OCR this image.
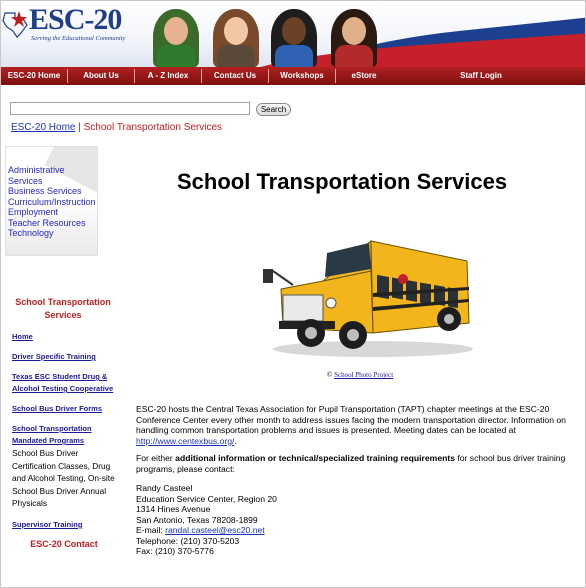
ESC-20
Serving the Educational Community
ESC-20 Home	About Us	A - Z Index	Contact Us	Workshops	eStore	Staff Login
Search
ESC-20 Home | School Transportation Services
Administrative Services
Business Services
Curriculum/Instruction
Employment
Teacher Resources
Technology
School Transportation Services
Home
Driver Specific Training
Texas ESC Student Drug & Alcohol Testing Cooperative
School Bus Driver Forms
School Transportation Mandated Programs
School Bus Driver Certification Classes, Drug and Alcohol Testing, On-site School Bus Driver Annual Physicals
Supervisor Training
ESC-20 Contact
School Transportation Services
© School Photo Project
ESC-20 hosts the Central Texas Association for Pupil Transportation (TAPT) chapter meetings at the ESC-20 Conference Center every other month to address issues facing the modern transportation director. Information on handling common transportation problems and issues is presented. Meeting dates can be located at http://www.centexbus.org/.
For either additional information or technical/specialized training requirements for school bus driver training programs, please contact:
Randy Casteel
Education Service Center, Region 20
1314 Hines Avenue
San Antonio, Texas 78208-1899
E-mail: randal.casteel@esc20.net
Telephone: (210) 370-5203
Fax: (210) 370-5776
